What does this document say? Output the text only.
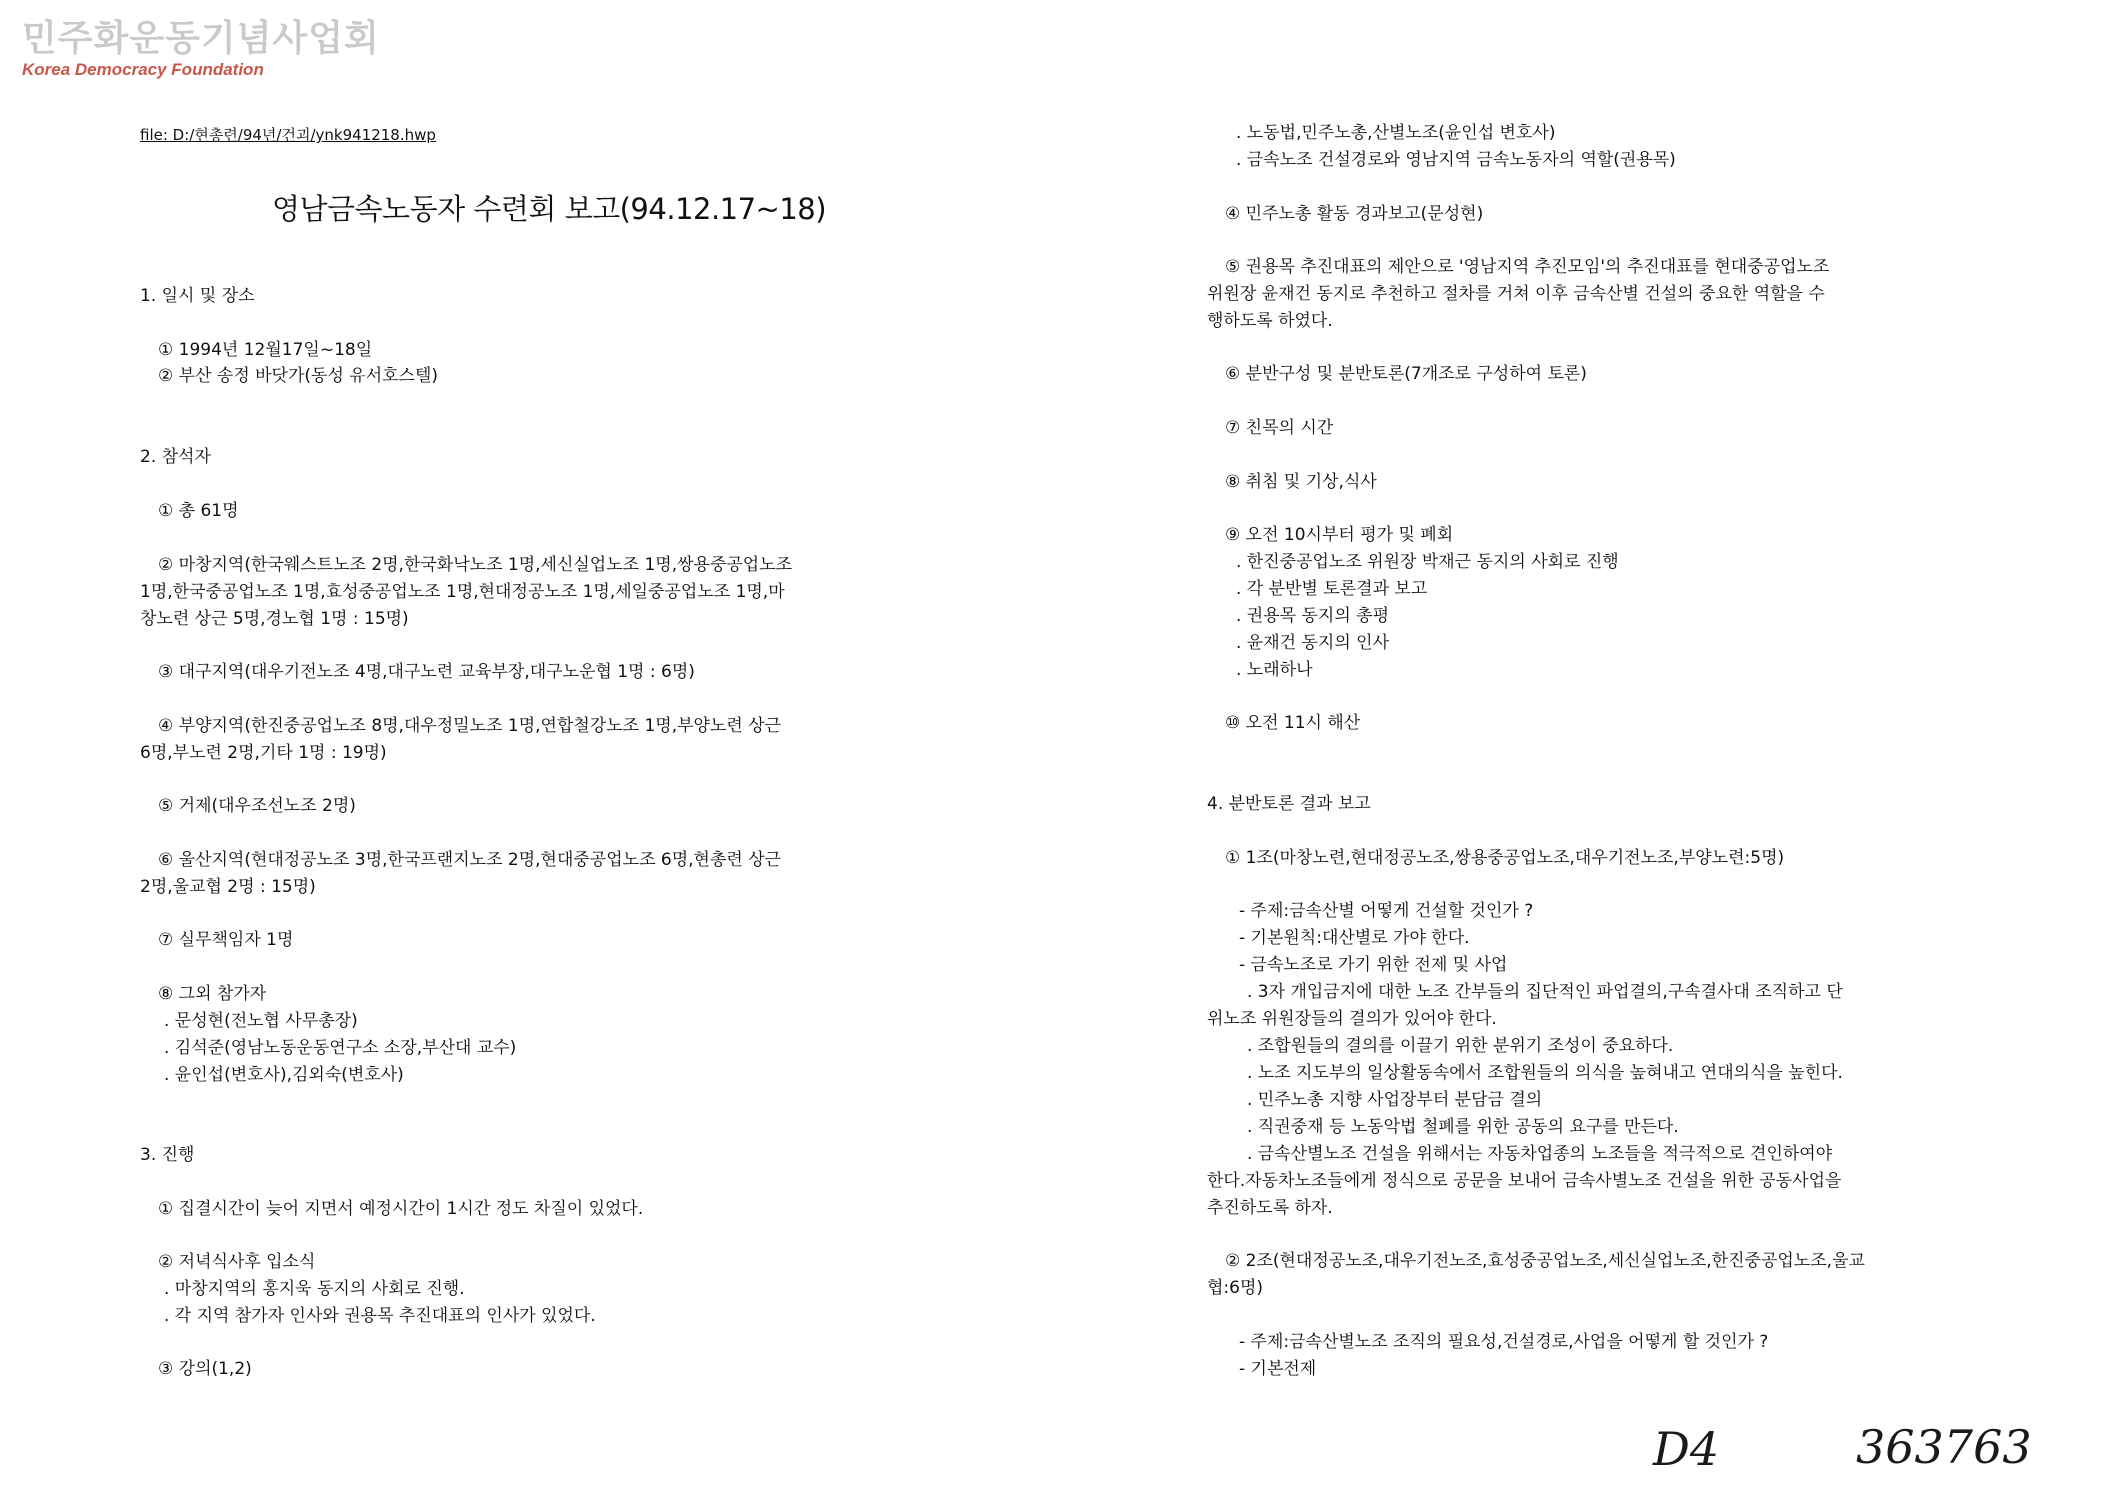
민주화운동기념사업회
Korea Democracy Foundation
file: D:/현총련/94년/건괴/ynk941218.hwp
영남금속노동자 수련회 보고(94.12.17~18)
1. 일시 및 장소
① 1994년 12월17일~18일
② 부산 송정 바닷가(동성 유서호스텔)
2. 참석자
① 총 61명
② 마창지역(한국웨스트노조 2명,한국화낙노조 1명,세신실업노조 1명,쌍용중공업노조
1명,한국중공업노조 1명,효성중공업노조 1명,현대정공노조 1명,세일중공업노조 1명,마
창노련 상근 5명,경노협 1명 : 15명)
③ 대구지역(대우기전노조 4명,대구노련 교육부장,대구노운협 1명 : 6명)
④ 부양지역(한진중공업노조 8명,대우정밀노조 1명,연합철강노조 1명,부양노련 상근
6명,부노련 2명,기타 1명 : 19명)
⑤ 거제(대우조선노조 2명)
⑥ 울산지역(현대정공노조 3명,한국프랜지노조 2명,현대중공업노조 6명,현총련 상근
2명,울교협 2명 : 15명)
⑦ 실무책임자 1명
⑧ 그외 참가자
. 문성현(전노협 사무총장)
. 김석준(영남노동운동연구소 소장,부산대 교수)
. 윤인섭(변호사),김외숙(변호사)
3. 진행
① 집결시간이 늦어 지면서 예정시간이 1시간 정도 차질이 있었다.
② 저녁식사후 입소식
. 마창지역의 홍지욱 동지의 사회로 진행.
. 각 지역 참가자 인사와 권용목 추진대표의 인사가 있었다.
③ 강의(1,2)
. 노동법,민주노총,산별노조(윤인섭 변호사)
. 금속노조 건설경로와 영남지역 금속노동자의 역할(권용목)
④ 민주노총 활동 경과보고(문성현)
⑤ 권용목 추진대표의 제안으로 '영남지역 추진모임'의 추진대표를 현대중공업노조
위원장 윤재건 동지로 추천하고 절차를 거쳐 이후 금속산별 건설의 중요한 역할을 수
행하도록 하였다.
⑥ 분반구성 및 분반토론(7개조로 구성하여 토론)
⑦ 친목의 시간
⑧ 취침 및 기상,식사
⑨ 오전 10시부터 평가 및 폐회
. 한진중공업노조 위원장 박재근 동지의 사회로 진행
. 각 분반별 토론결과 보고
. 권용목 동지의 총평
. 윤재건 동지의 인사
. 노래하나
⑩ 오전 11시 해산
4. 분반토론 결과 보고
① 1조(마창노련,현대정공노조,쌍용중공업노조,대우기전노조,부양노련:5명)
- 주제:금속산별 어떻게 건설할 것인가 ?
- 기본원칙:대산별로 가야 한다.
- 금속노조로 가기 위한 전제 및 사업
. 3자 개입금지에 대한 노조 간부들의 집단적인 파업결의,구속결사대 조직하고 단
위노조 위원장들의 결의가 있어야 한다.
. 조합원들의 결의를 이끌기 위한 분위기 조성이 중요하다.
. 노조 지도부의 일상활동속에서 조합원들의 의식을 높혀내고 연대의식을 높힌다.
. 민주노총 지향 사업장부터 분담금 결의
. 직권중재 등 노동악법 철폐를 위한 공동의 요구를 만든다.
. 금속산별노조 건설을 위해서는 자동차업종의 노조들을 적극적으로 견인하여야
한다.자동차노조들에게 정식으로 공문을 보내어 금속사별노조 건설을 위한 공동사업을
추진하도록 하자.
② 2조(현대정공노조,대우기전노조,효성중공업노조,세신실업노조,한진중공업노조,울교
협:6명)
- 주제:금속산별노조 조직의 필요성,건설경로,사업을 어떻게 할 것인가 ?
- 기본전제
D4	363763
